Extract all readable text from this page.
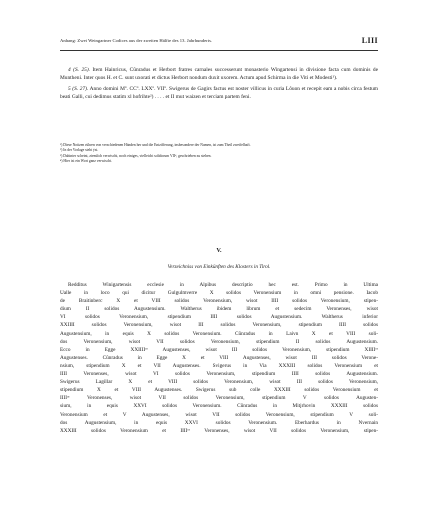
Anhang: Zwei Weingartner Codices aus der zweiten Hälfte des 13. Jahrhunderts.	LIII

4 (S. 25). Item Hainricus, Cûnradus et Herbort fratres carnales successerunt monasterio Wingartensi in divisione facta cum dominis de Muntheni. Inter quos H. et C. sunt uxorati et dictus Herbort nondum duxit uxorem. Actum apud Schirma in die Viti et Modesti¹).

5 (S. 27). Anno domini Mº. CCº. LXXº. VIIº. Swigerus de Gagirs factus est noster villicus in curia Lôuon et recepit eam a nobis circa festum beati Galli, cui dedimus statim xl hofrihte²) . . . . et II mut waizen et terciam partem feni.

¹) Diese Notizen rühren von verschiedenen Händen her und die Entzifferung, insbesondere der Namen, ist zum Theil zweifelhaft.
²) In der Vorlage steht ẏst.
³) Dahinter scheint, ziemlich verwischt, noch einiges, vielleicht solidorum VIIᵈ, geschrieben zu stehen.
⁴) Hier ist ein Wort ganz verwischt.

V.
Verzeichniss von Einkünften des Klosters in Tirol.

Redditus Winigartensis ecclesie in Alpibus descriptio hec est. Primo in Ultima
Ualle in loco qui dicitur Gulgulmverre X solidos Veronensium in omni pensione. Iacob
de Braitinberc X et VIII solidos Veronensium, wisot IIII solidos Veronensium, stipen-
dium II solidos Augustensium. Waltherus ibidem librum et sedecim Veronenses, wisot
VI solidos Veronensium, stipendium IIII solidos Augustensium. Waltherus inferior
XXIIII solidos Veronensium, wisot III solidos Veronensium, stipendium IIII solidos
Augustensium, in equis X solidos Veronensium. Cûnradus in Laivn X et VIII soli-
dos Veronensium, wisot VII solidos Veronensium, stipendium II solidos Augustensium.
Ecco in Egge XXIIIIᵒʳ Augustenses, wisot III solidos Veronensium, stipendium XIIIIᵒʳ
Augustenses. Cûnradus in Egge X et VIII Augustenses, wisot III solidos Verone-
nsium, stipendium X et VII Augustenses. Svigerus in Via XXXIII solidos Veronensium et
IIII Veronenses, wisot VI solidos Veronensium, stipendium IIII solidos Augustensium.
Swigerus Lagillar X et VIII solidos Veronensium, wisot III solidos Veronensium,
stipendium X et VIII Augustenses. Swigerus sub colle XXXIII solidos Veronensium et
IIIIᵒʳ Veronenses, wisot VII solidos Veronensium, stipendium V solidos Augusten-
sium, in equis XXVI solidos Veronensium. Cûnradus in Mitjrhovin XXXIII solidos
Veronensium et V Augustenses, wisot VII solidos Veronensium, stipendium V soli-
dos Augustensium, in equis XXVI solidos Veronensium. Eberhardus in Nvernain
XXXIII solidos Veronensium et IIIIᵒʳ Veronenses, wisot VII solidos Veronensium, stipen-
